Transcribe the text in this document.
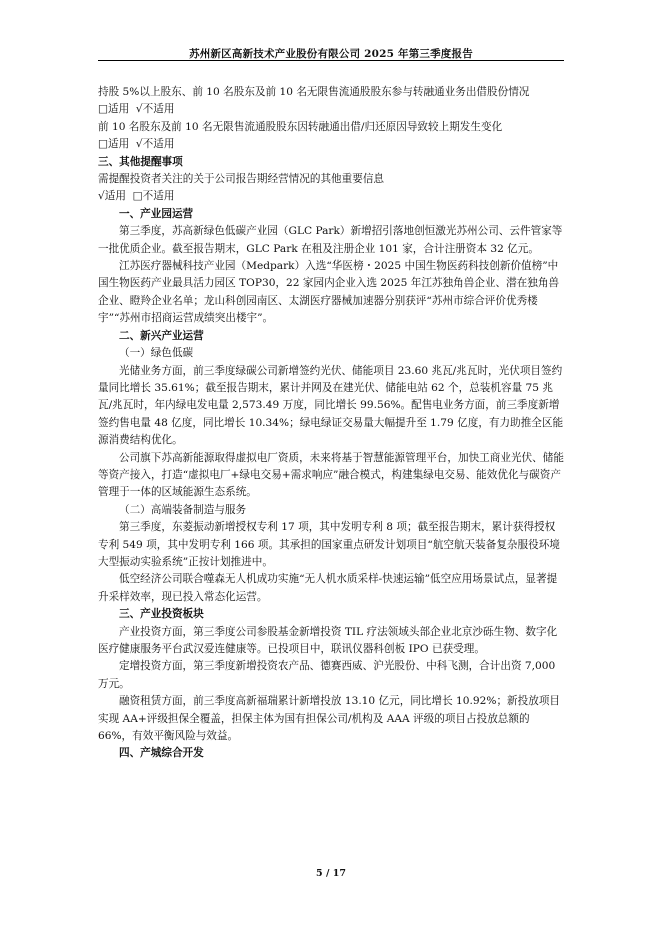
苏州新区高新技术产业股份有限公司 2025 年第三季度报告

持股 5%以上股东、前 10 名股东及前 10 名无限售流通股股东参与转融通业务出借股份情况

□适用  √不适用

前 10 名股东及前 10 名无限售流通股股东因转融通出借/归还原因导致较上期发生变化

□适用  √不适用

三、其他提醒事项

需提醒投资者关注的关于公司报告期经营情况的其他重要信息

√适用  □不适用

一、产业园运营

第三季度，苏高新绿色低碳产业园（GLC Park）新增招引落地创恒激光苏州公司、云件管家等一批优质企业。截至报告期末，GLC Park 在租及注册企业 101 家，合计注册资本 32 亿元。

江苏医疗器械科技产业园（Medpark）入选“华医榜・2025 中国生物医药科技创新价值榜”中国生物医药产业最具活力园区 TOP30，22 家园内企业入选 2025 年江苏独角兽企业、潜在独角兽企业、瞪羚企业名单；龙山科创园南区、太湖医疗器械加速器分别获评“苏州市综合评价优秀楼宇”“苏州市招商运营成绩突出楼宇”。

二、新兴产业运营

（一）绿色低碳

光储业务方面，前三季度绿碳公司新增签约光伏、储能项目 23.60 兆瓦/兆瓦时，光伏项目签约量同比增长 35.61%；截至报告期末，累计并网及在建光伏、储能电站 62 个，总装机容量 75 兆瓦/兆瓦时，年内绿电发电量 2,573.49 万度，同比增长 99.56%。配售电业务方面，前三季度新增签约售电量 48 亿度，同比增长 10.34%；绿电绿证交易量大幅提升至 1.79 亿度，有力助推全区能源消费结构优化。

公司旗下苏高新能源取得虚拟电厂资质，未来将基于智慧能源管理平台，加快工商业光伏、储能等资产接入，打造“虚拟电厂+绿电交易+需求响应”融合模式，构建集绿电交易、能效优化与碳资产管理于一体的区域能源生态系统。

（二）高端装备制造与服务

第三季度，东菱振动新增授权专利 17 项，其中发明专利 8 项；截至报告期末，累计获得授权专利 549 项，其中发明专利 166 项。其承担的国家重点研发计划项目“航空航天装备复杂服役环境大型振动实验系统”正按计划推进中。

低空经济公司联合噬森无人机成功实施“无人机水质采样-快速运输”低空应用场景试点，显著提升采样效率，现已投入常态化运营。

三、产业投资板块

产业投资方面，第三季度公司参股基金新增投资 TIL 疗法领域头部企业北京沙砾生物、数字化医疗健康服务平台武汉爱连健康等。已投项目中，联讯仪器科创板 IPO 已获受理。

定增投资方面，第三季度新增投资农产品、德赛西威、沪光股份、中科飞测，合计出资 7,000 万元。

融资租赁方面，前三季度高新福瑞累计新增投放 13.10 亿元，同比增长 10.92%；新投放项目实现 AA+评级担保全覆盖，担保主体为国有担保公司/机构及 AAA 评级的项目占投放总额的 66%，有效平衡风险与效益。

四、产城综合开发

5 / 17
